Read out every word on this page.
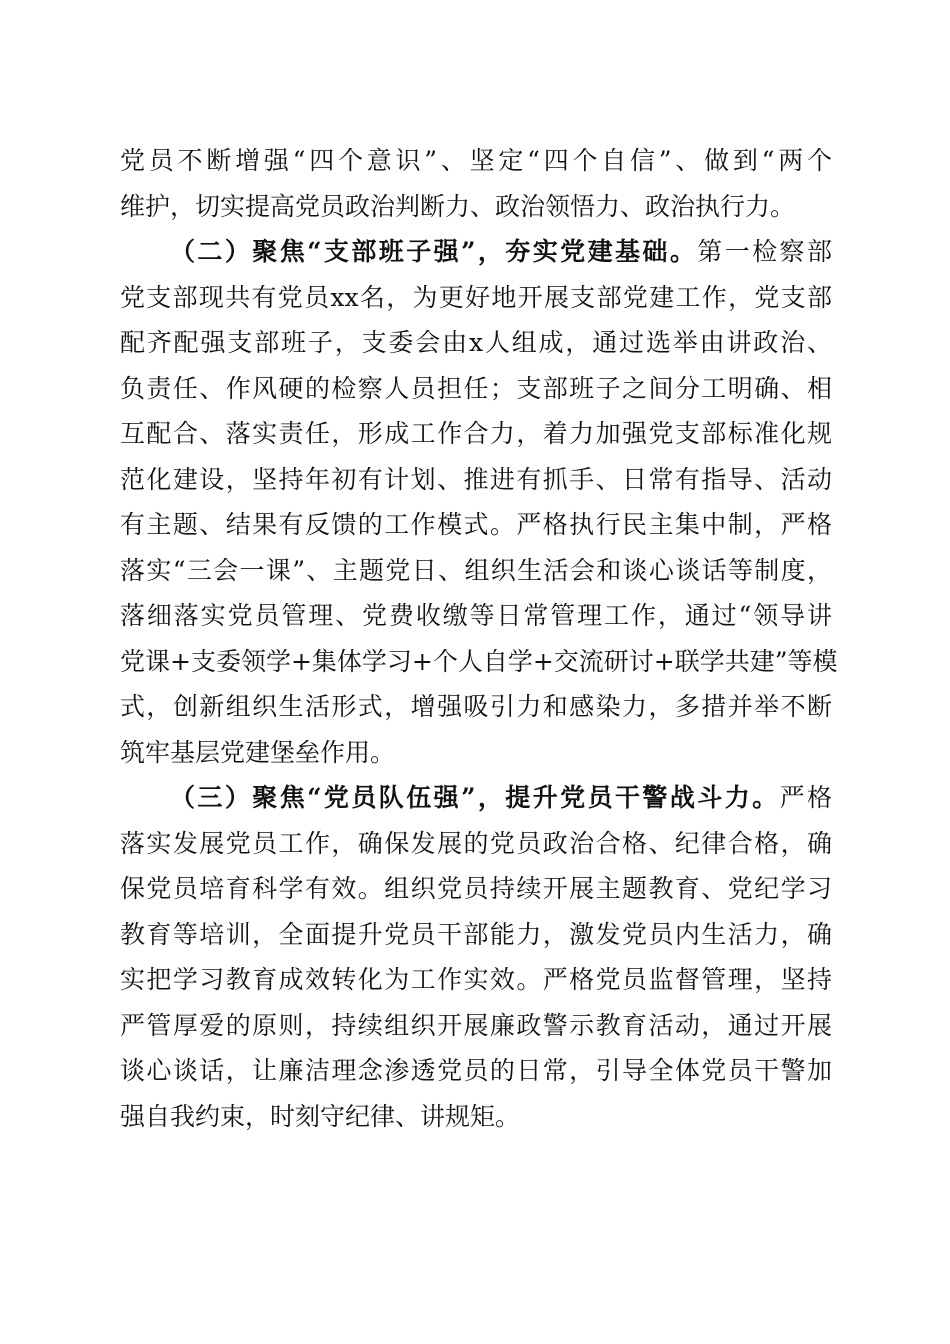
党员不断增强“四个意识”、坚定“四个自信”、做到“两个
维护，切实提高党员政治判断力、政治领悟力、政治执行力。
（二）聚焦“支部班子强”，夯实党建基础。第一检察部
党支部现共有党员xx名，为更好地开展支部党建工作，党支部
配齐配强支部班子，支委会由x人组成，通过选举由讲政治、
负责任、作风硬的检察人员担任；支部班子之间分工明确、相
互配合、落实责任，形成工作合力，着力加强党支部标准化规
范化建设，坚持年初有计划、推进有抓手、日常有指导、活动
有主题、结果有反馈的工作模式。严格执行民主集中制，严格
落实“三会一课”、主题党日、组织生活会和谈心谈话等制度，
落细落实党员管理、党费收缴等日常管理工作，通过“领导讲
党课+支委领学+集体学习+个人自学+交流研讨+联学共建”等模
式，创新组织生活形式，增强吸引力和感染力，多措并举不断
筑牢基层党建堡垒作用。
（三）聚焦“党员队伍强”，提升党员干警战斗力。严格
落实发展党员工作，确保发展的党员政治合格、纪律合格，确
保党员培育科学有效。组织党员持续开展主题教育、党纪学习
教育等培训，全面提升党员干部能力，激发党员内生活力，确
实把学习教育成效转化为工作实效。严格党员监督管理，坚持
严管厚爱的原则，持续组织开展廉政警示教育活动，通过开展
谈心谈话，让廉洁理念渗透党员的日常，引导全体党员干警加
强自我约束，时刻守纪律、讲规矩。
